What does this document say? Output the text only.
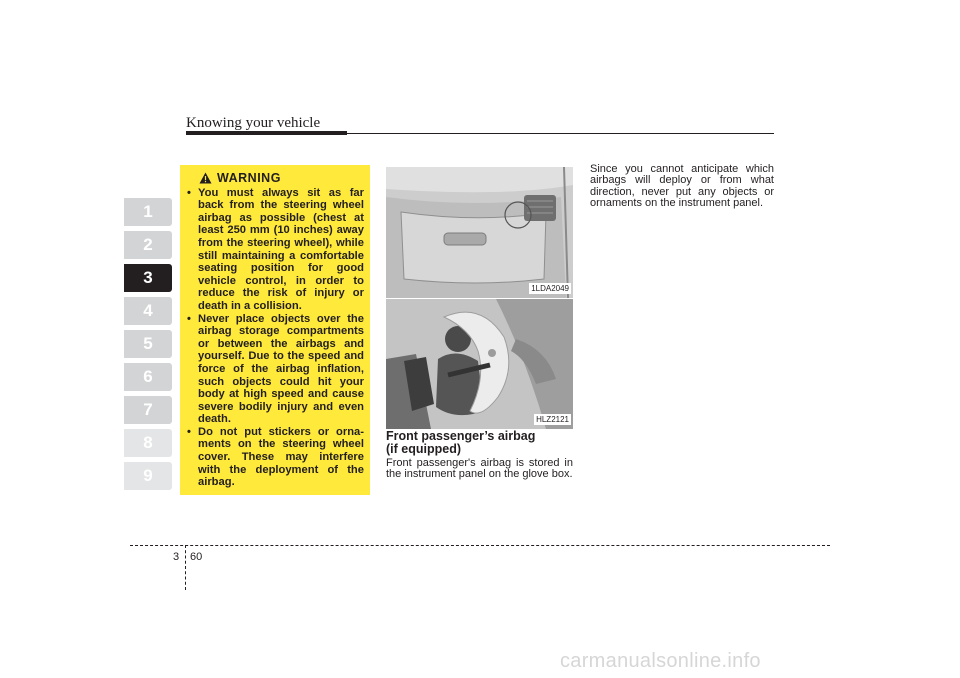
Knowing your vehicle
1
2
3
4
5
6
7
8
9
WARNING
• You must always sit as far back from the steering wheel airbag as possible (chest at least 250 mm (10 inches) away from the steering wheel), while still maintaining a comfortable seating position for good vehicle control, in order to reduce the risk of injury or death in a collision.
• Never place objects over the airbag storage compartments or between the airbags and yourself. Due to the speed and force of the airbag inflation, such objects could hit your body at high speed and cause severe bodily injury and even death.
• Do not put stickers or orna-ments on the steering wheel cover. These may interfere with the deployment of the airbag.
1LDA2049
HLZ2121
Front passenger’s airbag
(if equipped)
Front passenger's airbag is stored in the instrument panel on the glove box.
Since you cannot anticipate which airbags will deploy or from what direction, never put any objects or ornaments on the instrument panel.
3 60
carmanualsonline.info
